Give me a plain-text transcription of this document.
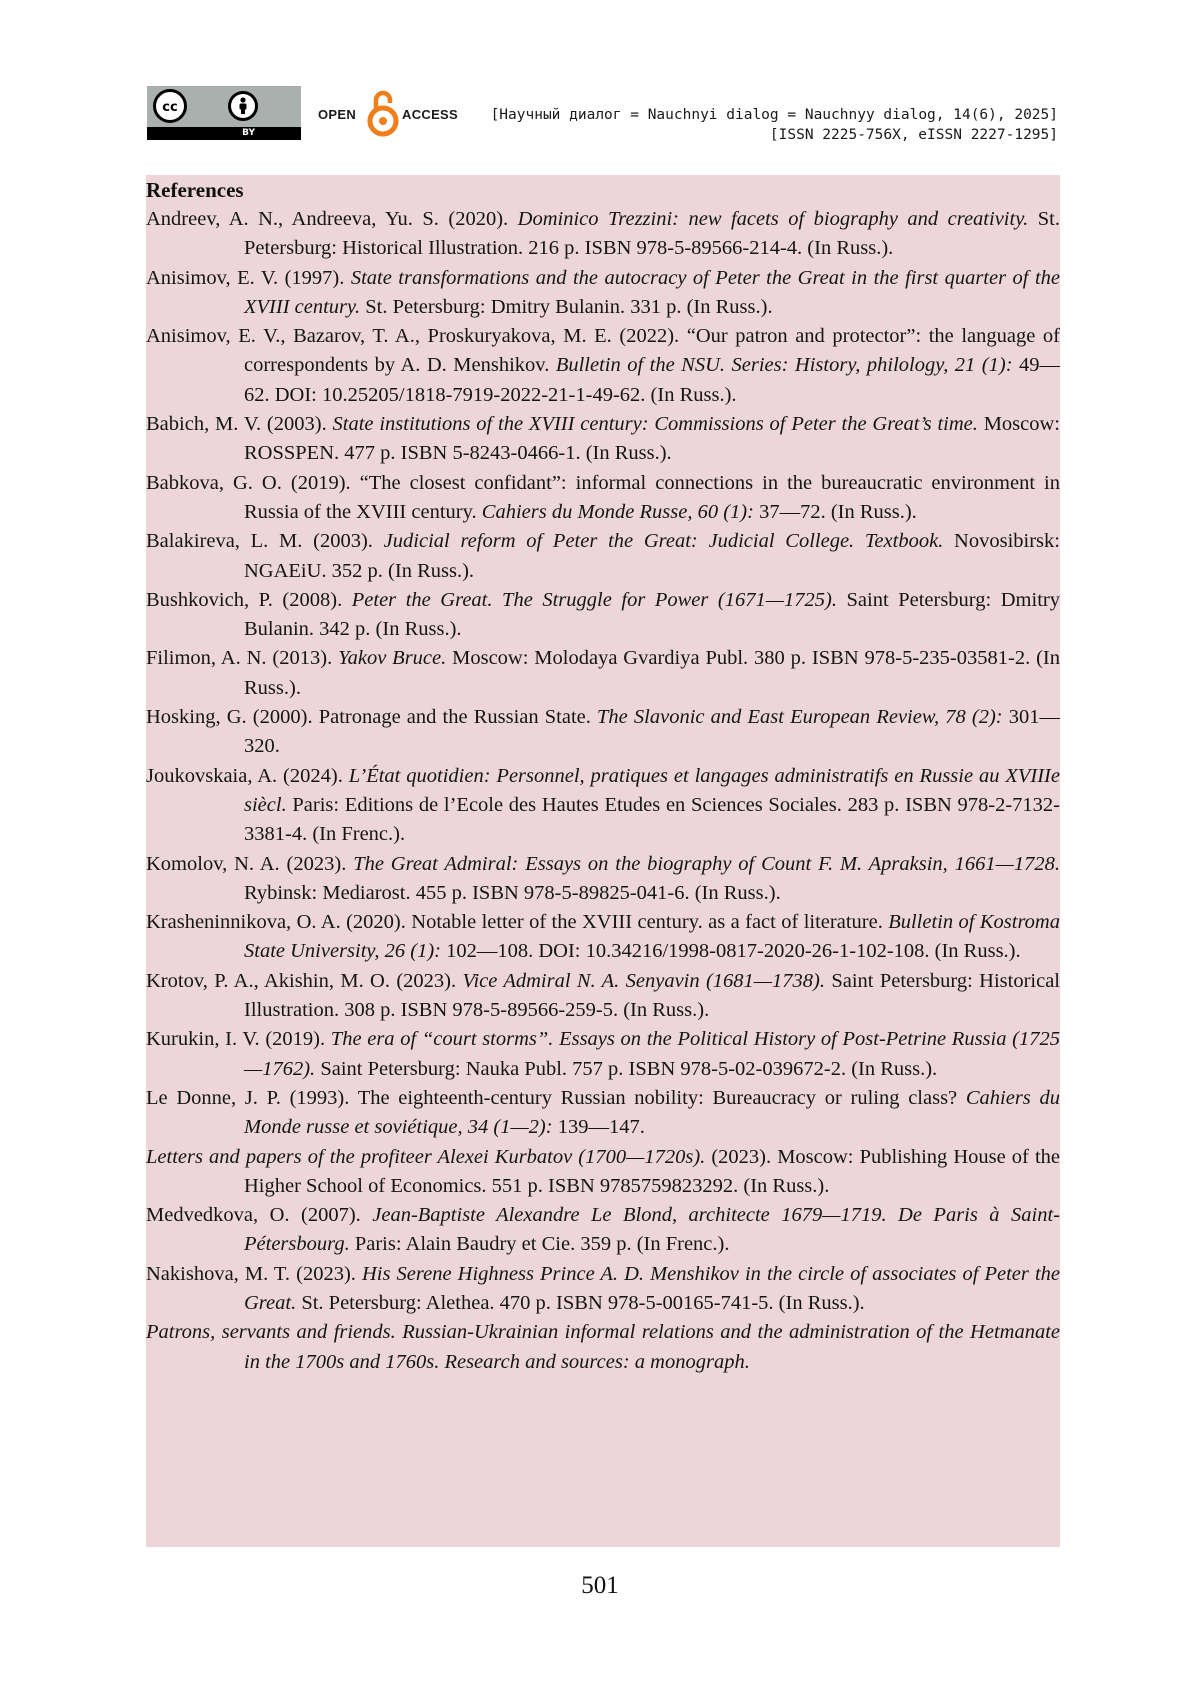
cc
BY
OPEN	ACCESS [Научный диалог = Nauchnyi dialog = Nauchnyy dialog, 14(6), 2025]
[ISSN 2225-756X, eISSN 2227-1295]
References

Andreev, A. N., Andreeva, Yu. S. (2020). Dominico Trezzini: new facets of biography and creativity. St. Petersburg: Historical Illustration. 216 p. ISBN 978-5-89566-214-4. (In Russ.).

Anisimov, E. V. (1997). State transformations and the autocracy of Peter the Great in the first quarter of the XVIII century. St. Petersburg: Dmitry Bulanin. 331 p. (In Russ.).

Anisimov, E. V., Bazarov, T. A., Proskuryakova, M. E. (2022). “Our patron and protector”: the language of correspondents by A. D. Menshikov. Bulletin of the NSU. Series: History, philology, 21 (1): 49—62. DOI: 10.25205/1818-7919-2022-21-1-49-62. (In Russ.).

Babich, M. V. (2003). State institutions of the XVIII century: Commissions of Peter the Great’s time. Moscow: ROSSPEN. 477 p. ISBN 5-8243-0466-1. (In Russ.).

Babkova, G. O. (2019). “The closest confidant”: informal connections in the bureaucratic environment in Russia of the XVIII century. Cahiers du Monde Russe, 60 (1): 37—72. (In Russ.).

Balakireva, L. M. (2003). Judicial reform of Peter the Great: Judicial College. Textbook. Novosibirsk: NGAEiU. 352 p. (In Russ.).

Bushkovich, P. (2008). Peter the Great. The Struggle for Power (1671—1725). Saint Petersburg: Dmitry Bulanin. 342 p. (In Russ.).

Filimon, A. N. (2013). Yakov Bruce. Moscow: Molodaya Gvardiya Publ. 380 p. ISBN 978-5-235-03581-2. (In Russ.).

Hosking, G. (2000). Patronage and the Russian State. The Slavonic and East European Review, 78 (2): 301—320.

Joukovskaia, A. (2024). L’État quotidien: Personnel, pratiques et langages administratifs en Russie au XVIIIe siècl. Paris: Editions de l’Ecole des Hautes Etudes en Sciences Sociales. 283 p. ISBN 978-2-7132-3381-4. (In Frenc.).

Komolov, N. A. (2023). The Great Admiral: Essays on the biography of Count F. M. Apraksin, 1661—1728. Rybinsk: Mediarost. 455 p. ISBN 978-5-89825-041-6. (In Russ.).

Krasheninnikova, O. A. (2020). Notable letter of the XVIII century. as a fact of literature. Bulletin of Kostroma State University, 26 (1): 102—108. DOI: 10.34216/1998-0817-2020-26-1-102-108. (In Russ.).

Krotov, P. A., Akishin, M. O. (2023). Vice Admiral N. A. Senyavin (1681—1738). Saint Petersburg: Historical Illustration. 308 p. ISBN 978-5-89566-259-5. (In Russ.).

Kurukin, I. V. (2019). The era of “court storms”. Essays on the Political History of Post-Petrine Russia (1725—1762). Saint Petersburg: Nauka Publ. 757 p. ISBN 978-5-02-039672-2. (In Russ.).

Le Donne, J. P. (1993). The eighteenth-century Russian nobility: Bureaucracy or ruling class? Cahiers du Monde russe et soviétique, 34 (1—2): 139—147.

Letters and papers of the profiteer Alexei Kurbatov (1700—1720s). (2023). Moscow: Publishing House of the Higher School of Economics. 551 p. ISBN 9785759823292. (In Russ.).

Medvedkova, O. (2007). Jean-Baptiste Alexandre Le Blond, architecte 1679—1719. De Paris à Saint-Pétersbourg. Paris: Alain Baudry et Cie. 359 p. (In Frenc.).

Nakishova, M. T. (2023). His Serene Highness Prince A. D. Menshikov in the circle of associates of Peter the Great. St. Petersburg: Alethea. 470 p. ISBN 978-5-00165-741-5. (In Russ.).

Patrons, servants and friends. Russian-Ukrainian informal relations and the administration of the Hetmanate in the 1700s and 1760s. Research and sources: a monograph.

501
